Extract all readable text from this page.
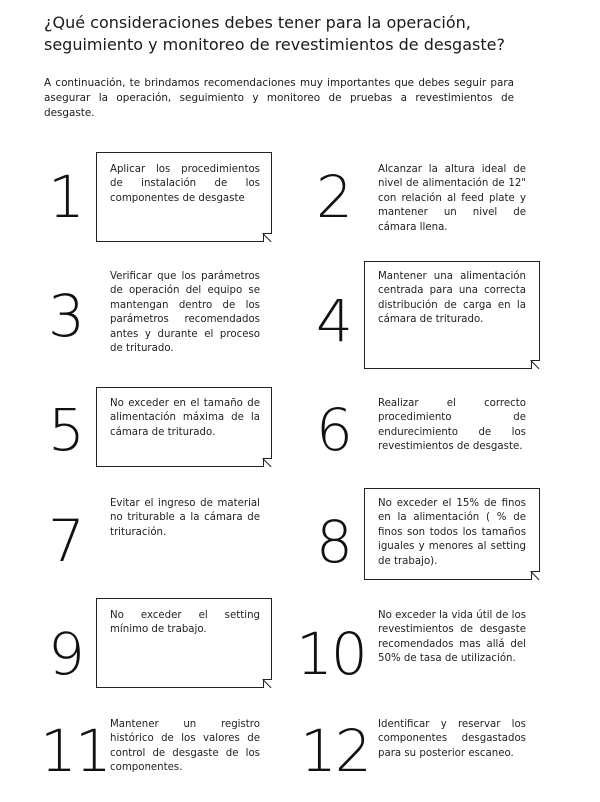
¿Qué consideraciones debes tener para la operación, seguimiento y monitoreo de revestimientos de desgaste?

A continuación, te brindamos recomendaciones muy importantes que debes seguir para asegurar la operación, seguimiento y monitoreo de pruebas a revestimientos de desgaste.

1	Aplicar los procedimientos de instalación de los componentes de desgaste 2	Alcanzar la altura ideal de nivel de alimentación de 12" con relación al feed plate y mantener un nivel de cámara llena.
3
Verificar que los parámetros de operación del equipo se mantengan dentro de los parámetros recomendados antes y durante el proceso de triturado.	4
Mantener una alimentación centrada para una correcta distribución de carga en la cámara de triturado.
5	No exceder en el tamaño de alimentación máxima de la cámara de triturado.	6	Realizar el correcto procedimiento de endurecimiento de los revestimientos de desgaste.
7
Evitar el ingreso de material no triturable a la cámara de trituración.	8
No exceder el 15% de finos en la alimentación ( % de finos son todos los tamaños iguales y menores al setting de trabajo).
9
No exceder el setting mínimo de trabajo.	10
No exceder la vida útil de los revestimientos de desgaste recomendados mas allá del 50% de tasa de utilización.
11 Mantener un registro histórico de los valores de control de desgaste de los componentes.	12 Identificar y reservar los componentes desgastados para su posterior escaneo.
